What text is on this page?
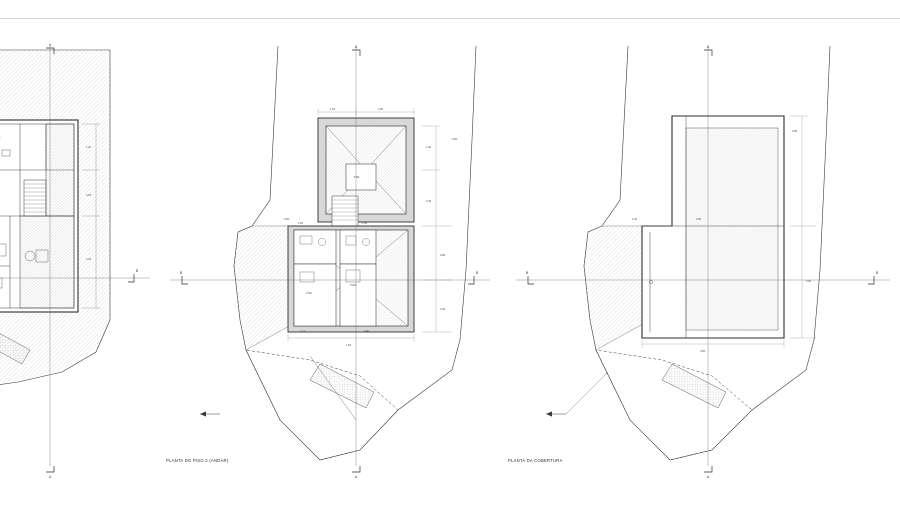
A
A
B
1.20
3.50
2.10
T.01
T.02
T.03
A
A
B	B
1.20	3.50
1.40
2.40
3.80
4.30
7.62
2.20	1.30
1.12	4.40
0.90
3.60
A
A
B	B
2.80
5.00
3.60
1.20	3.50
PLANTA DO PISO 2 (ANDAR)	PLANTA DA COBERTURA
